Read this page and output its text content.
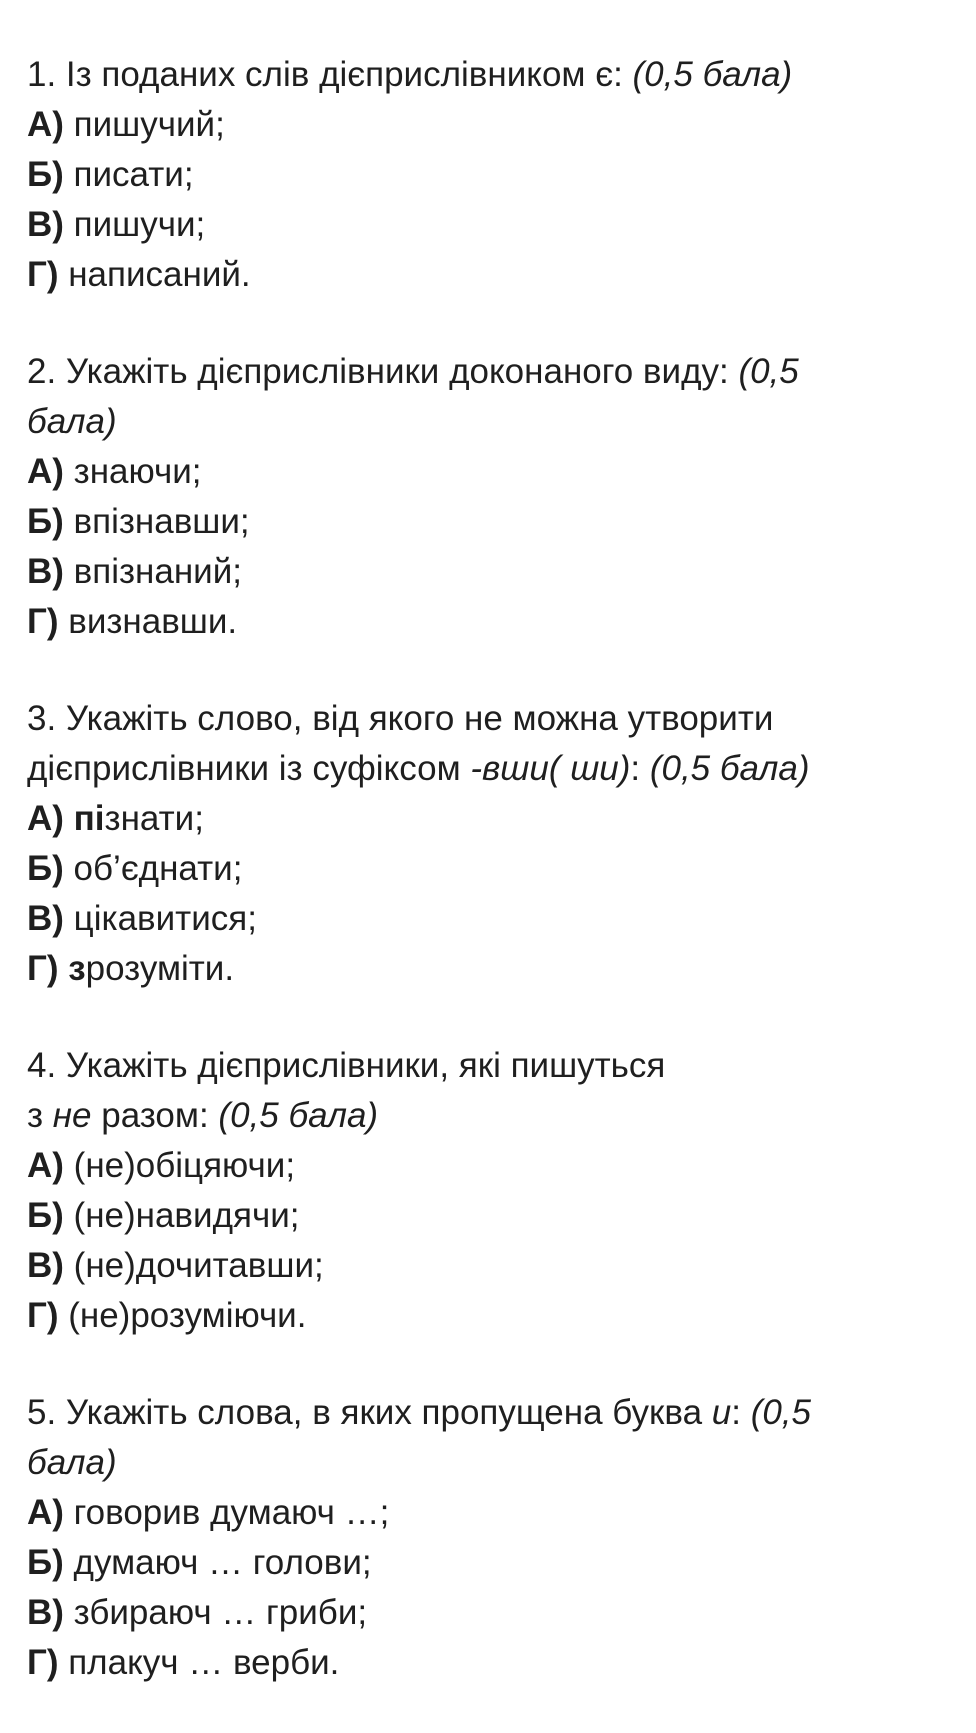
1. Із поданих слів дієприслівником є: (0,5 бала)
А) пишучий;
Б) писати;
В) пишучи;
Г) написаний.
2. Укажіть дієприслівники доконаного виду: (0,5
бала)
А) знаючи;
Б) впізнавши;
В) впізнаний;
Г) визнавши.
3. Укажіть слово, від якого не можна утворити
дієприслівники із суфіксом -вши( ши): (0,5 бала)
А) пізнати;
Б) об’єднати;
В) цікавитися;
Г) зрозуміти.
4. Укажіть дієприслівники, які пишуться
з не разом: (0,5 бала)
А) (не)обіцяючи;
Б) (не)навидячи;
В) (не)дочитавши;
Г) (не)розуміючи.
5. Укажіть слова, в яких пропущена буква и: (0,5
бала)
А) говорив думаюч …;
Б) думаюч … голови;
В) збираюч … гриби;
Г) плакуч … верби.
